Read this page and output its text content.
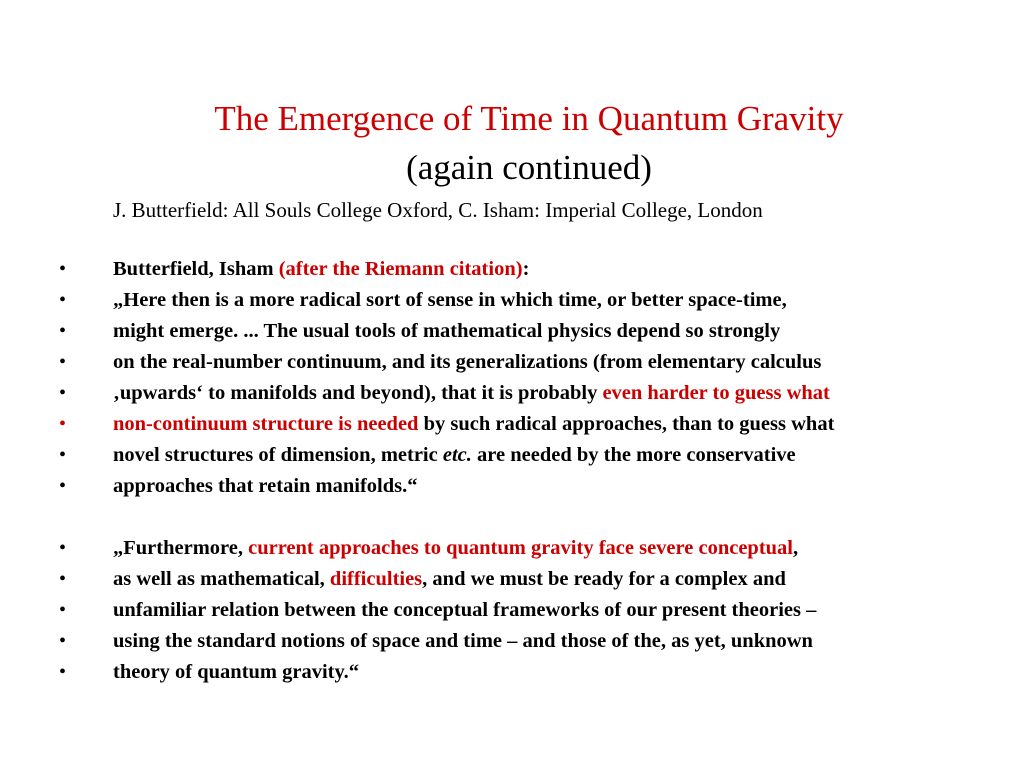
The Emergence of Time in Quantum Gravity
(again continued)
J. Butterfield: All Souls College Oxford, C. Isham: Imperial College, London
•	Butterfield, Isham (after the Riemann citation):
•	„Here then is a more radical sort of sense in which time, or better space-time,
•	might emerge. ... The usual tools of mathematical physics depend so strongly
•	on the real-number continuum, and its generalizations (from elementary calculus
•	‚upwards‘ to manifolds and beyond), that it is probably even harder to guess what
•	non-continuum structure is needed by such radical approaches, than to guess what
•	novel structures of dimension, metric etc. are needed by the more conservative
•	approaches that retain manifolds.“
•	„Furthermore, current approaches to quantum gravity face severe conceptual,
•	as well as mathematical, difficulties, and we must be ready for a complex and
•	unfamiliar relation between the conceptual frameworks of our present theories –
•	using the standard notions of space and time – and those of the, as yet, unknown
•	theory of quantum gravity.“
